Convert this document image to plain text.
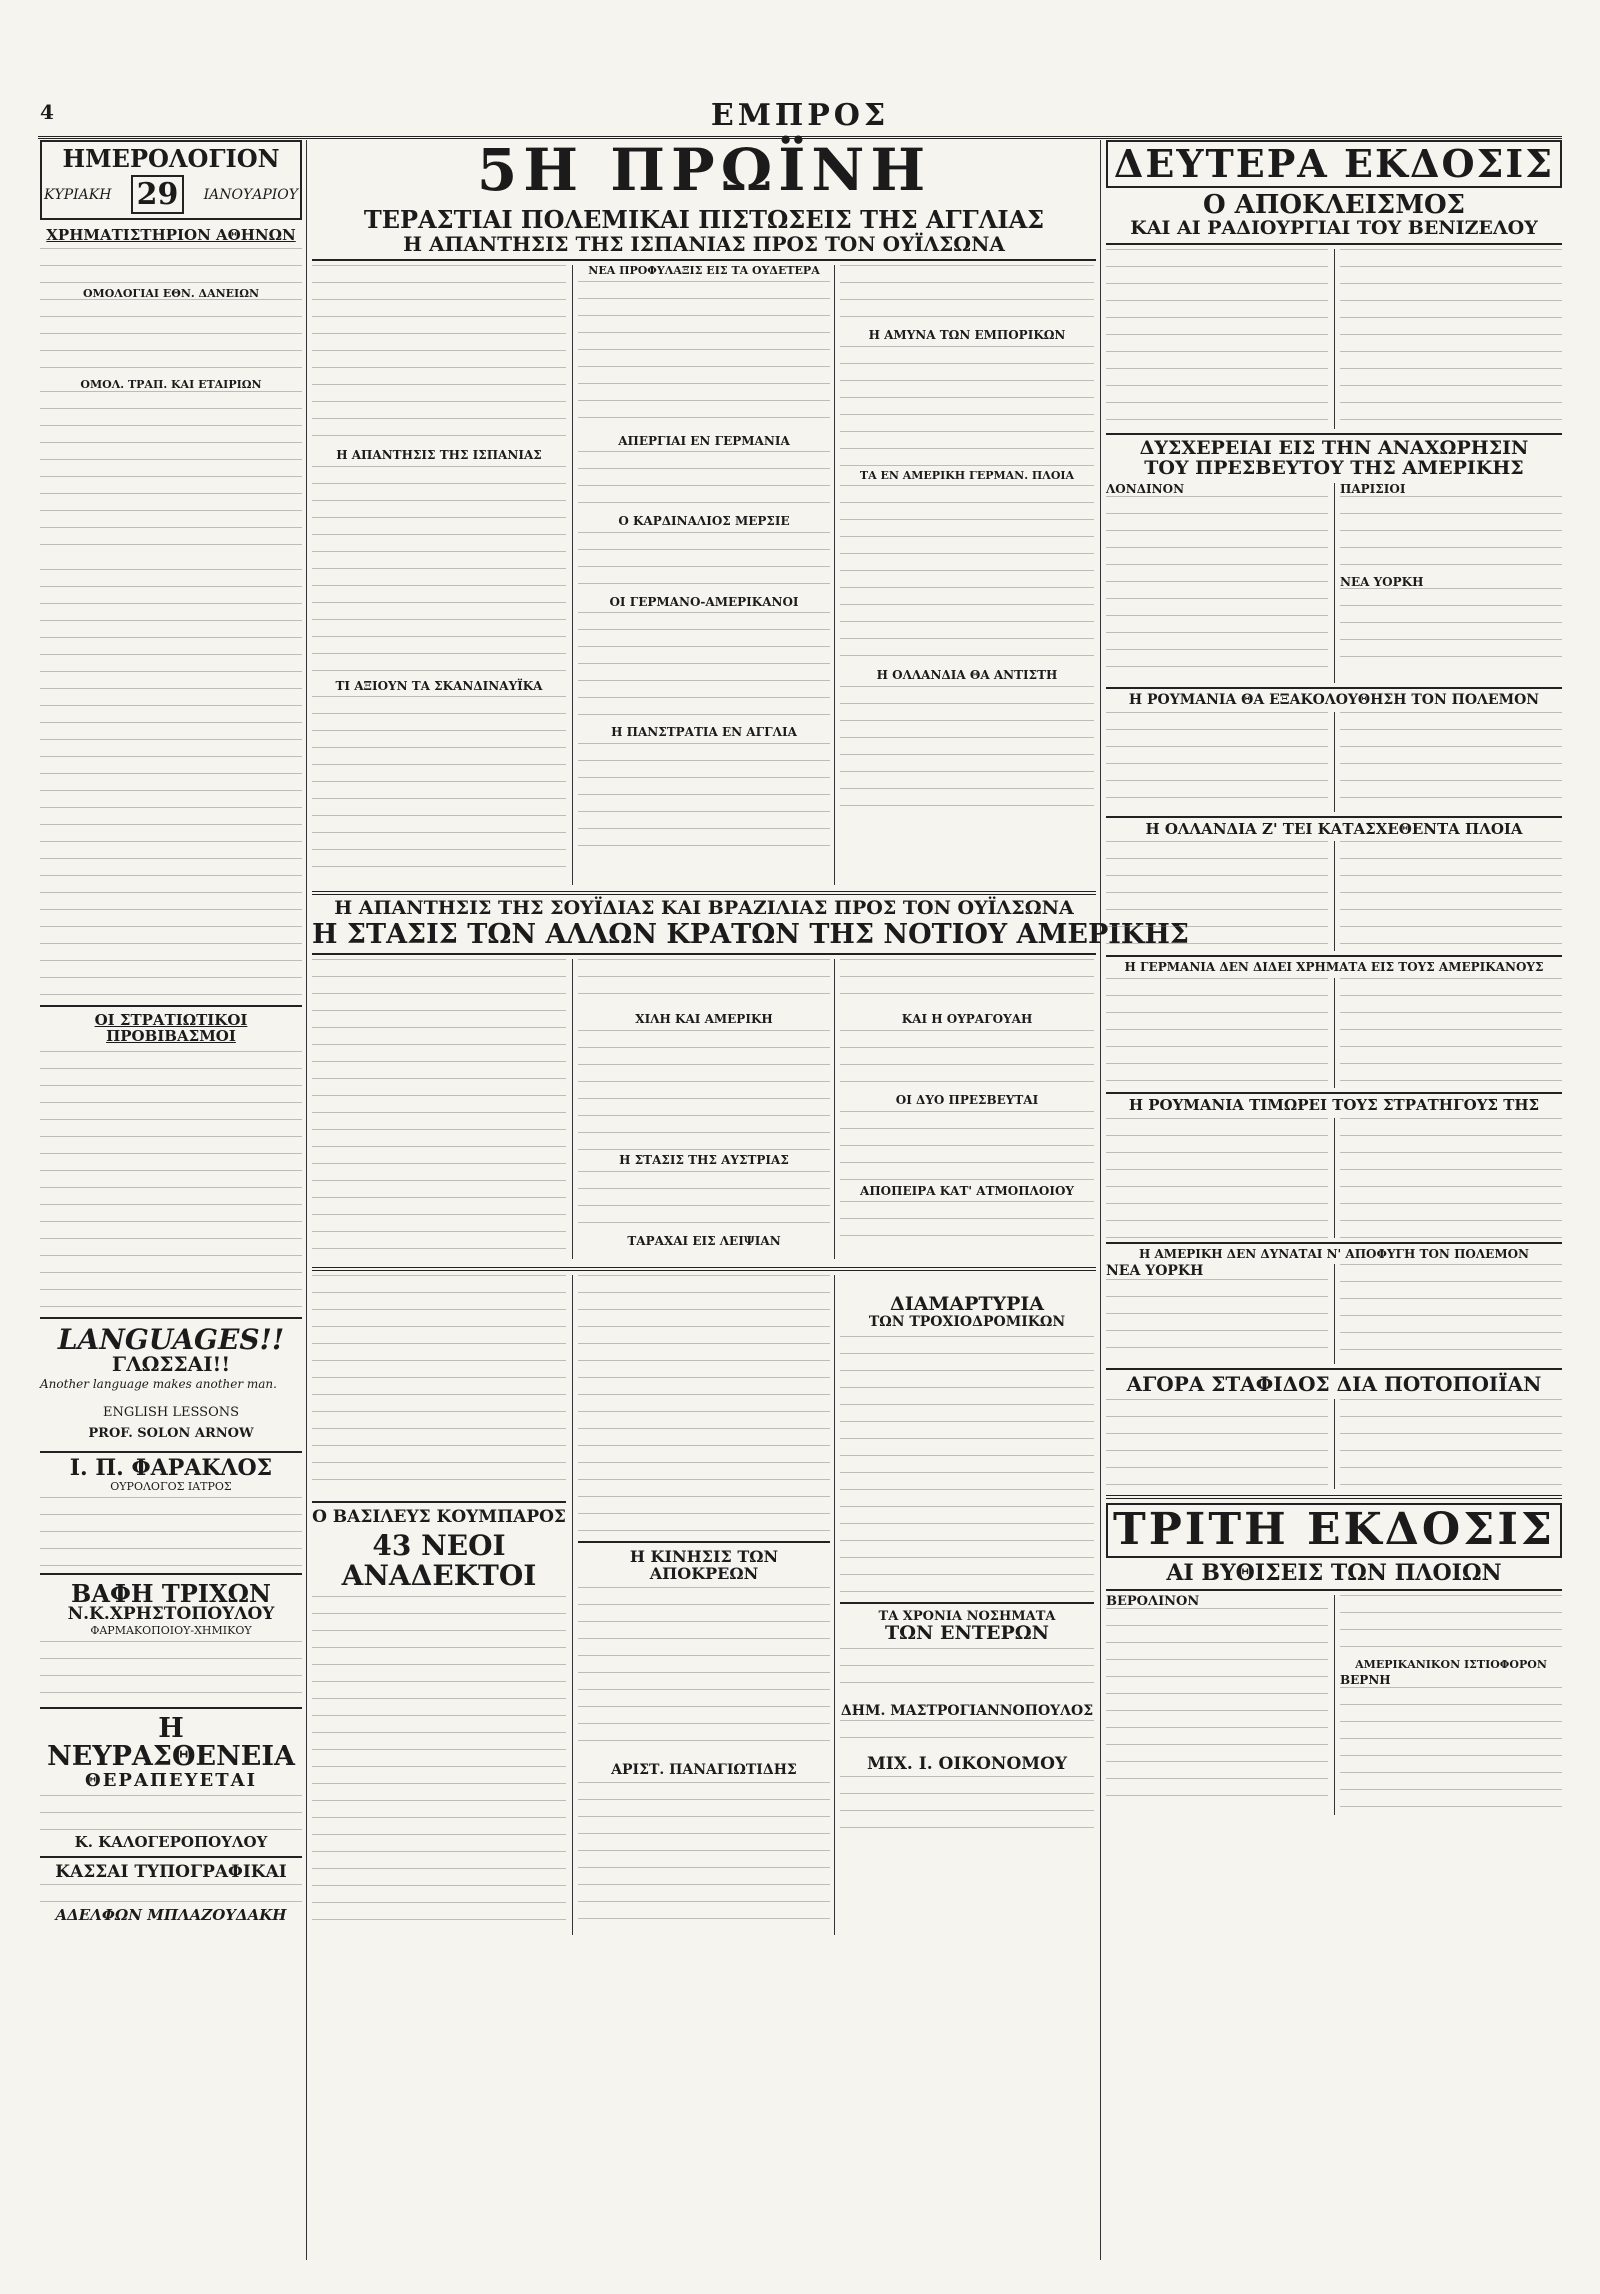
4	ΕΜΠΡΟΣ
ΗΜΕΡΟΛΟΓΙΟΝ
ΚΥΡΙΑΚΗ 29	ΙΑΝΟΥΑΡΙΟΥ
ΧΡΗΜΑΤΙΣΤΗΡΙΟΝ ΑΘΗΝΩΝ
ΟΜΟΛΟΓΙΑΙ ΕΘΝ. ΔΑΝΕΙΩΝ
ΟΜΟΛ. ΤΡΑΠ. ΚΑΙ ΕΤΑΙΡΙΩΝ
ΟΙ ΣΤΡΑΤΙΩΤΙΚΟΙ ΠΡΟΒΙΒΑΣΜΟΙ
LANGUAGES!!
ΓΛΩΣΣΑΙ!!
Another language makes another man.
ENGLISH LESSONS
PROF. SOLON ARNOW
Ι. Π. ΦΑΡΑΚΛΟΣ
ΟΥΡΟΛΟΓΟΣ ΙΑΤΡΟΣ
ΒΑΦΗ ΤΡΙΧΩΝ
Ν.Κ.ΧΡΗΣΤΟΠΟΥΛΟΥ
ΦΑΡΜΑΚΟΠΟΙΟΥ-ΧΗΜΙΚΟΥ
Η ΝΕΥΡΑΣΘΕΝΕΙΑ
ΘΕΡΑΠΕΥΕΤΑΙ
Κ. ΚΑΛΟΓΕΡΟΠΟΥΛΟΥ
ΚΑΣΣΑΙ ΤΥΠΟΓΡΑΦΙΚΑΙ
ΑΔΕΛΦΩΝ ΜΠΛΑΖΟΥΔΑΚΗ
5Η ΠΡΩΪΝΗ
ΤΕΡΑΣΤΙΑΙ ΠΟΛΕΜΙΚΑΙ ΠΙΣΤΩΣΕΙΣ ΤΗΣ ΑΓΓΛΙΑΣ
Η ΑΠΑΝΤΗΣΙΣ ΤΗΣ ΙΣΠΑΝΙΑΣ ΠΡΟΣ ΤΟΝ ΟΥΪΛΣΩΝΑ
Η ΑΠΑΝΤΗΣΙΣ ΤΗΣ ΙΣΠΑΝΙΑΣ
ΤΙ ΑΞΙΟΥΝ ΤΑ ΣΚΑΝΔΙΝΑΥΪΚΑ
ΝΕΑ ΠΡΟΦΥΛΑΞΙΣ ΕΙΣ ΤΑ ΟΥΔΕΤΕΡΑ
ΑΠΕΡΓΙΑΙ ΕΝ ΓΕΡΜΑΝΙΑ
Ο ΚΑΡΔΙΝΑΛΙΟΣ ΜΕΡΣΙΕ
ΟΙ ΓΕΡΜΑΝΟ-ΑΜΕΡΙΚΑΝΟΙ
Η ΠΑΝΣΤΡΑΤΙΑ ΕΝ ΑΓΓΛΙΑ
Η ΑΜΥΝΑ ΤΩΝ ΕΜΠΟΡΙΚΩΝ
ΤΑ ΕΝ ΑΜΕΡΙΚΗ ΓΕΡΜΑΝ. ΠΛΟΙΑ
Η ΟΛΛΑΝΔΙΑ ΘΑ ΑΝΤΙΣΤΗ
Η ΑΠΑΝΤΗΣΙΣ ΤΗΣ ΣΟΥΪΔΙΑΣ ΚΑΙ ΒΡΑΖΙΛΙΑΣ ΠΡΟΣ ΤΟΝ ΟΥΪΛΣΩΝΑ
Η ΣΤΑΣΙΣ ΤΩΝ ΑΛΛΩΝ ΚΡΑΤΩΝ ΤΗΣ ΝΟΤΙΟΥ ΑΜΕΡΙΚΗΣ
ΧΙΛΗ ΚΑΙ ΑΜΕΡΙΚΗ
Η ΣΤΑΣΙΣ ΤΗΣ ΑΥΣΤΡΙΑΣ
ΤΑΡΑΧΑΙ ΕΙΣ ΛΕΙΨΙΑΝ
ΚΑΙ Η ΟΥΡΑΓΟΥΑΗ
ΟΙ ΔΥΟ ΠΡΕΣΒΕΥΤΑΙ
ΑΠΟΠΕΙΡΑ ΚΑΤ' ΑΤΜΟΠΛΟΙΟΥ
Ο ΒΑΣΙΛΕΥΣ ΚΟΥΜΠΑΡΟΣ
43 ΝΕΟΙ ΑΝΑΔΕΚΤΟΙ
Η ΚΙΝΗΣΙΣ ΤΩΝ ΑΠΟΚΡΕΩΝ
ΑΡΙΣΤ. ΠΑΝΑΓΙΩΤΙΔΗΣ
ΔΙΑΜΑΡΤΥΡΙΑ
ΤΩΝ ΤΡΟΧΙΟΔΡΟΜΙΚΩΝ
ΤΑ ΧΡΟΝΙΑ ΝΟΣΗΜΑΤΑ
ΤΩΝ ΕΝΤΕΡΩΝ
ΔΗΜ. ΜΑΣΤΡΟΓΙΑΝΝΟΠΟΥΛΟΣ
ΜΙΧ. Ι. ΟΙΚΟΝΟΜΟΥ
ΔΕΥΤΕΡΑ ΕΚΔΟΣΙΣ
Ο ΑΠΟΚΛΕΙΣΜΟΣ
ΚΑΙ ΑΙ ΡΑΔΙΟΥΡΓΙΑΙ ΤΟΥ ΒΕΝΙΖΕΛΟΥ
ΔΥΣΧΕΡΕΙΑΙ ΕΙΣ ΤΗΝ ΑΝΑΧΩΡΗΣΙΝ
ΤΟΥ ΠΡΕΣΒΕΥΤΟΥ ΤΗΣ ΑΜΕΡΙΚΗΣ
ΛΟΝΔΙΝΟΝ	ΠΑΡΙΣΙΟΙ
ΝΕΑ ΥΟΡΚΗ
Η ΡΟΥΜΑΝΙΑ ΘΑ ΕΞΑΚΟΛΟΥΘΗΣΗ ΤΟΝ ΠΟΛΕΜΟΝ
Η ΟΛΛΑΝΔΙΑ Ζ' ΤΕΙ ΚΑΤΑΣΧΕΘΕΝΤΑ ΠΛΟΙΑ
Η ΓΕΡΜΑΝΙΑ ΔΕΝ ΔΙΔΕΙ ΧΡΗΜΑΤΑ ΕΙΣ ΤΟΥΣ ΑΜΕΡΙΚΑΝΟΥΣ
Η ΡΟΥΜΑΝΙΑ ΤΙΜΩΡΕΙ ΤΟΥΣ ΣΤΡΑΤΗΓΟΥΣ ΤΗΣ
Η ΑΜΕΡΙΚΗ ΔΕΝ ΔΥΝΑΤΑΙ Ν' ΑΠΟΦΥΓΗ ΤΟΝ ΠΟΛΕΜΟΝ
ΝΕΑ ΥΟΡΚΗ
ΑΓΟΡΑ ΣΤΑΦΙΔΟΣ ΔΙΑ ΠΟΤΟΠΟΙΪΑΝ
ΤΡΙΤΗ ΕΚΔΟΣΙΣ
ΑΙ ΒΥΘΙΣΕΙΣ ΤΩΝ ΠΛΟΙΩΝ
ΒΕΡΟΛΙΝΟΝ
ΑΜΕΡΙΚΑΝΙΚΟΝ ΙΣΤΙΟΦΟΡΟΝ
ΒΕΡΝΗ
